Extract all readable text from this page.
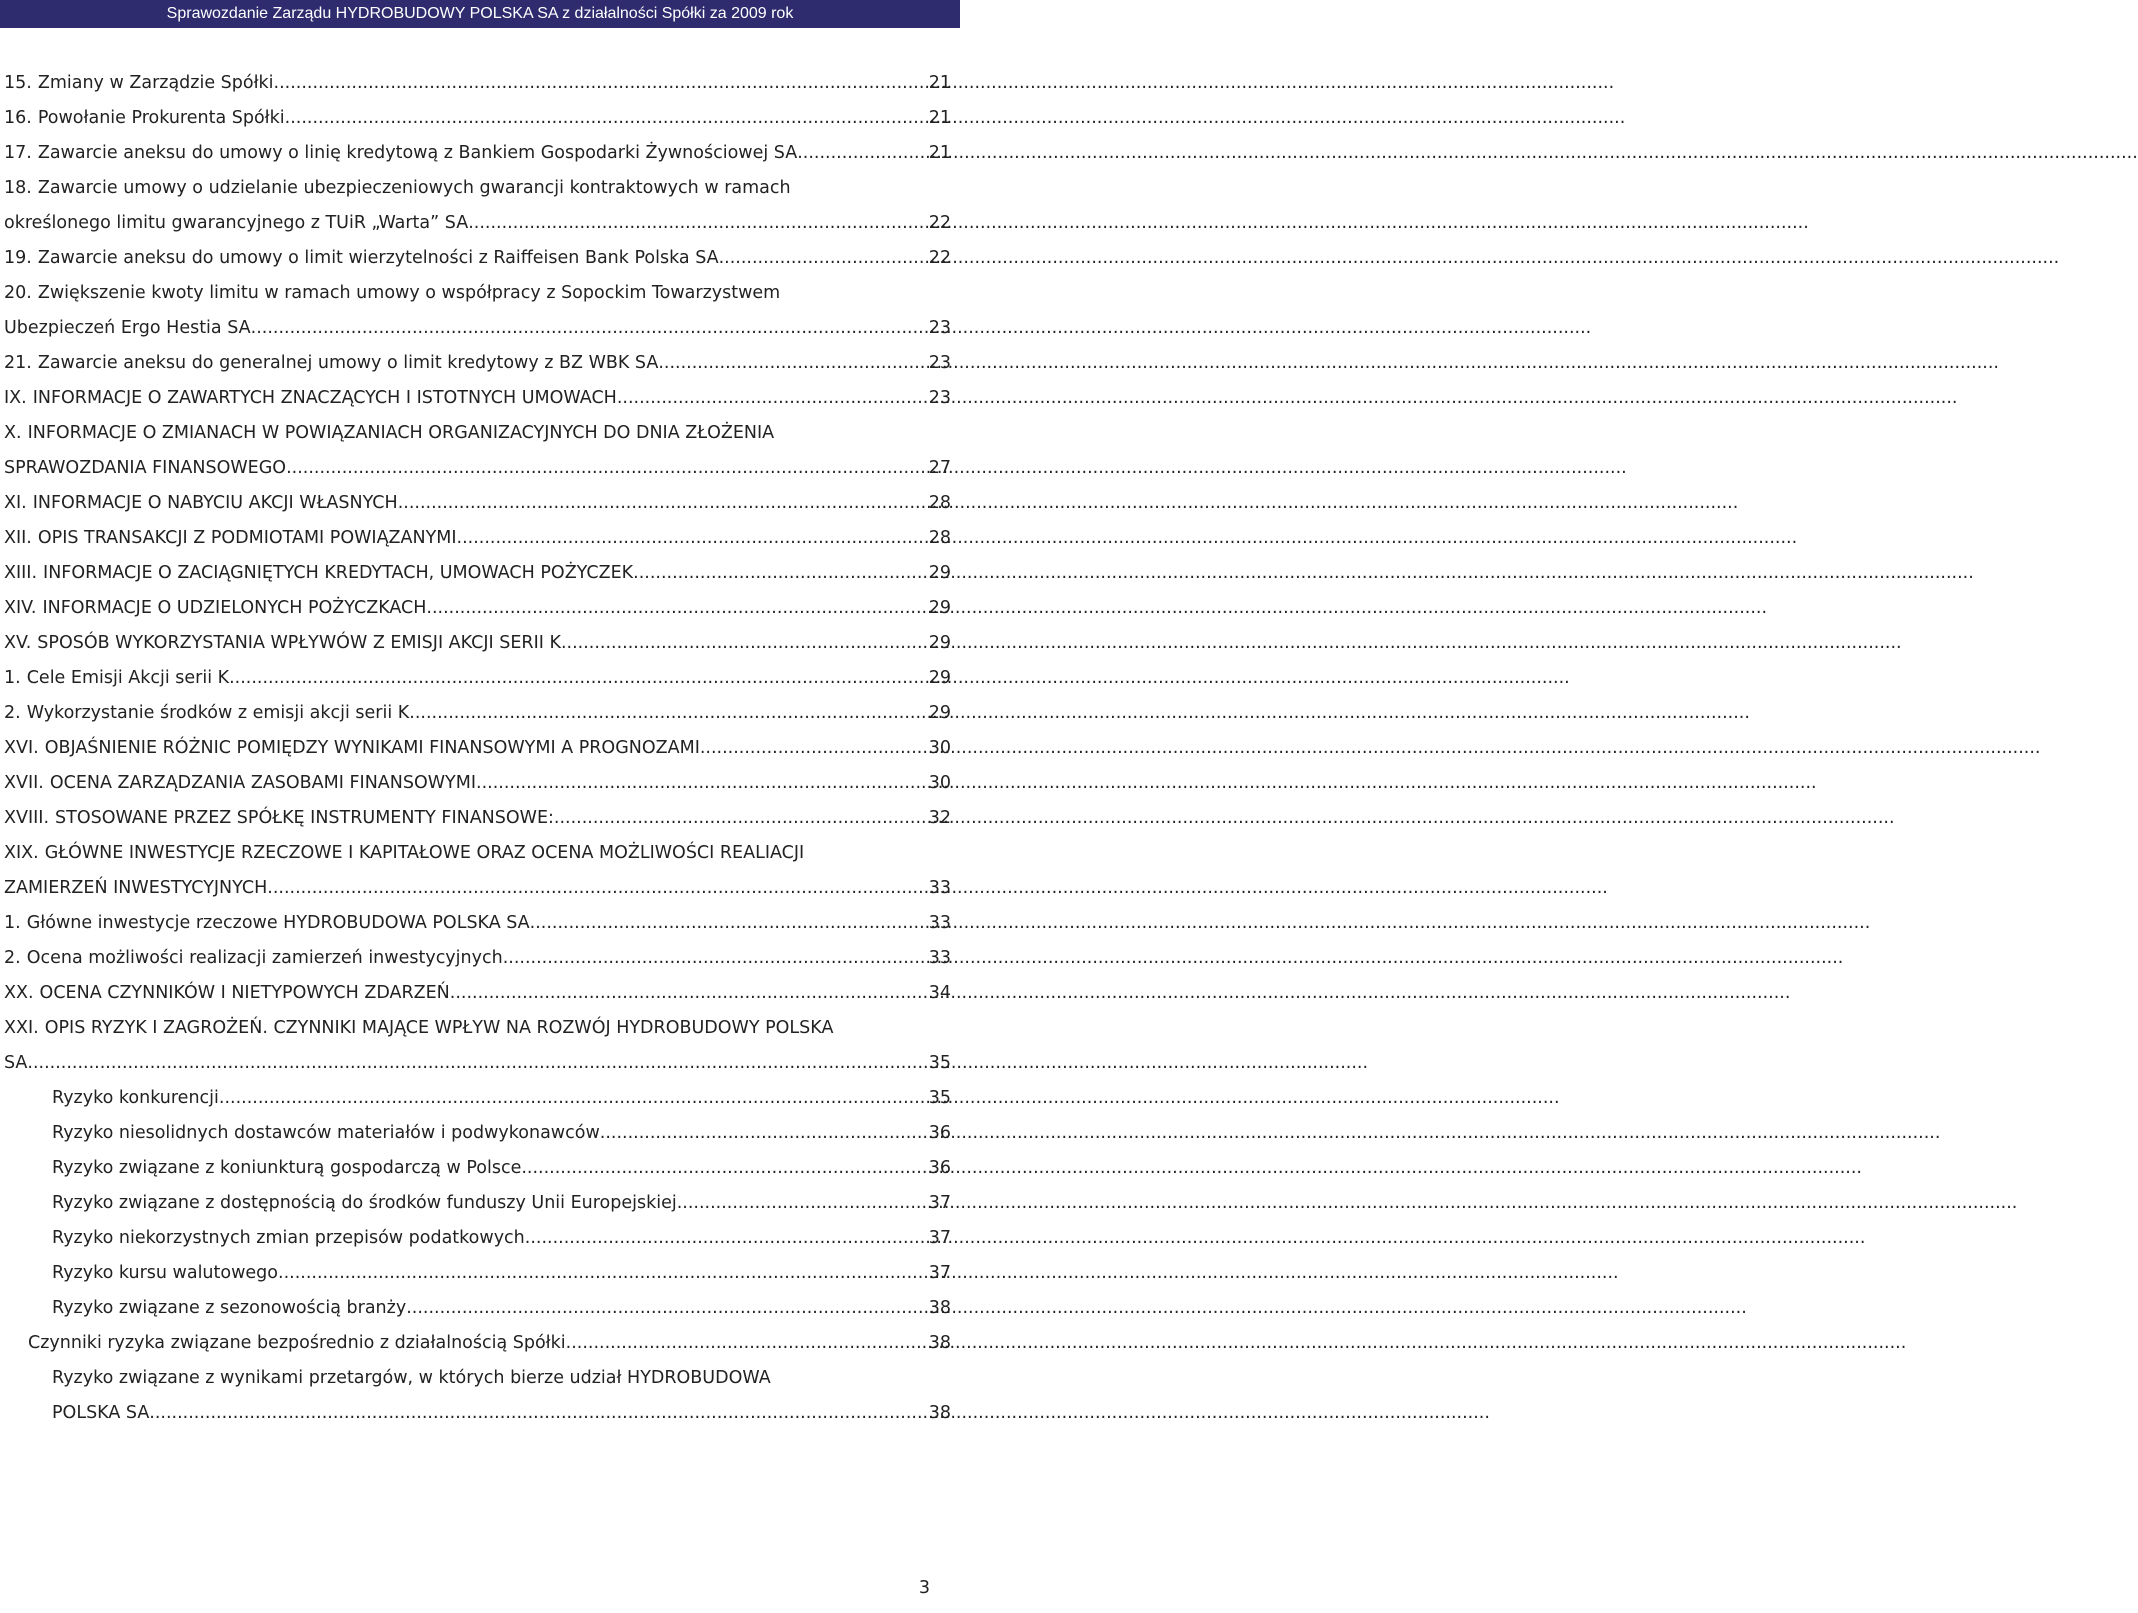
Sprawozdanie Zarządu HYDROBUDOWY POLSKA SA z działalności Spółki za 2009 rok
15. Zmiany w Zarządzie Spółki .....	21
16. Powołanie Prokurenta Spółki .....	21
17. Zawarcie aneksu do umowy o linię kredytową z Bankiem Gospodarki Żywnościowej SA .....	21
18. Zawarcie umowy o udzielanie ubezpieczeniowych gwarancji kontraktowych w ramach
określonego limitu gwarancyjnego z TUiR „Warta” SA .....	22
19. Zawarcie aneksu do umowy o limit wierzytelności z Raiffeisen Bank Polska SA .....	22
20. Zwiększenie kwoty limitu w ramach umowy o współpracy z Sopockim Towarzystwem
Ubezpieczeń Ergo Hestia SA .....	23
21. Zawarcie aneksu do generalnej umowy o limit kredytowy z BZ WBK SA .....	23
IX. INFORMACJE O ZAWARTYCH ZNACZĄCYCH I ISTOTNYCH UMOWACH .....	23
X. INFORMACJE O ZMIANACH W POWIĄZANIACH ORGANIZACYJNYCH DO DNIA ZŁOŻENIA
SPRAWOZDANIA FINANSOWEGO .....	27
XI. INFORMACJE O NABYCIU AKCJI WŁASNYCH .....	28
XII. OPIS TRANSAKCJI Z PODMIOTAMI POWIĄZANYMI .....	28
XIII. INFORMACJE O ZACIĄGNIĘTYCH KREDYTACH, UMOWACH POŻYCZEK .....	29
XIV. INFORMACJE O UDZIELONYCH POŻYCZKACH .....	29
XV. SPOSÓB WYKORZYSTANIA WPŁYWÓW Z EMISJI AKCJI SERII K .....	29
1. Cele Emisji Akcji serii K .....	29
2. Wykorzystanie środków z emisji akcji serii K .....	29
XVI. OBJAŚNIENIE RÓŻNIC POMIĘDZY WYNIKAMI FINANSOWYMI A PROGNOZAMI .....	30
XVII. OCENA ZARZĄDZANIA ZASOBAMI FINANSOWYMI .....	30
XVIII. STOSOWANE PRZEZ SPÓŁKĘ INSTRUMENTY FINANSOWE: .....	32
XIX. GŁÓWNE INWESTYCJE RZECZOWE I KAPITAŁOWE ORAZ OCENA MOŻLIWOŚCI REALIACJI
ZAMIERZEŃ INWESTYCYJNYCH .....	33
1. Główne inwestycje rzeczowe HYDROBUDOWA POLSKA SA .....	33
2. Ocena możliwości realizacji zamierzeń inwestycyjnych .....	33
XX. OCENA CZYNNIKÓW I NIETYPOWYCH ZDARZEŃ .....	34
XXI. OPIS RYZYK I ZAGROŻEŃ. CZYNNIKI MAJĄCE WPŁYW NA ROZWÓJ HYDROBUDOWY POLSKA
SA .....	35
Ryzyko konkurencji .....	35
Ryzyko niesolidnych dostawców materiałów i podwykonawców .....	36
Ryzyko związane z koniunkturą gospodarczą w Polsce .....	36
Ryzyko związane z dostępnością do środków funduszy Unii Europejskiej .....	37
Ryzyko niekorzystnych zmian przepisów podatkowych .....	37
Ryzyko kursu walutowego .....	37
Ryzyko związane z sezonowością branży .....	38
Czynniki ryzyka związane bezpośrednio z działalnością Spółki .....	38
Ryzyko związane z wynikami przetargów, w których bierze udział HYDROBUDOWA
POLSKA SA .....	38
3
